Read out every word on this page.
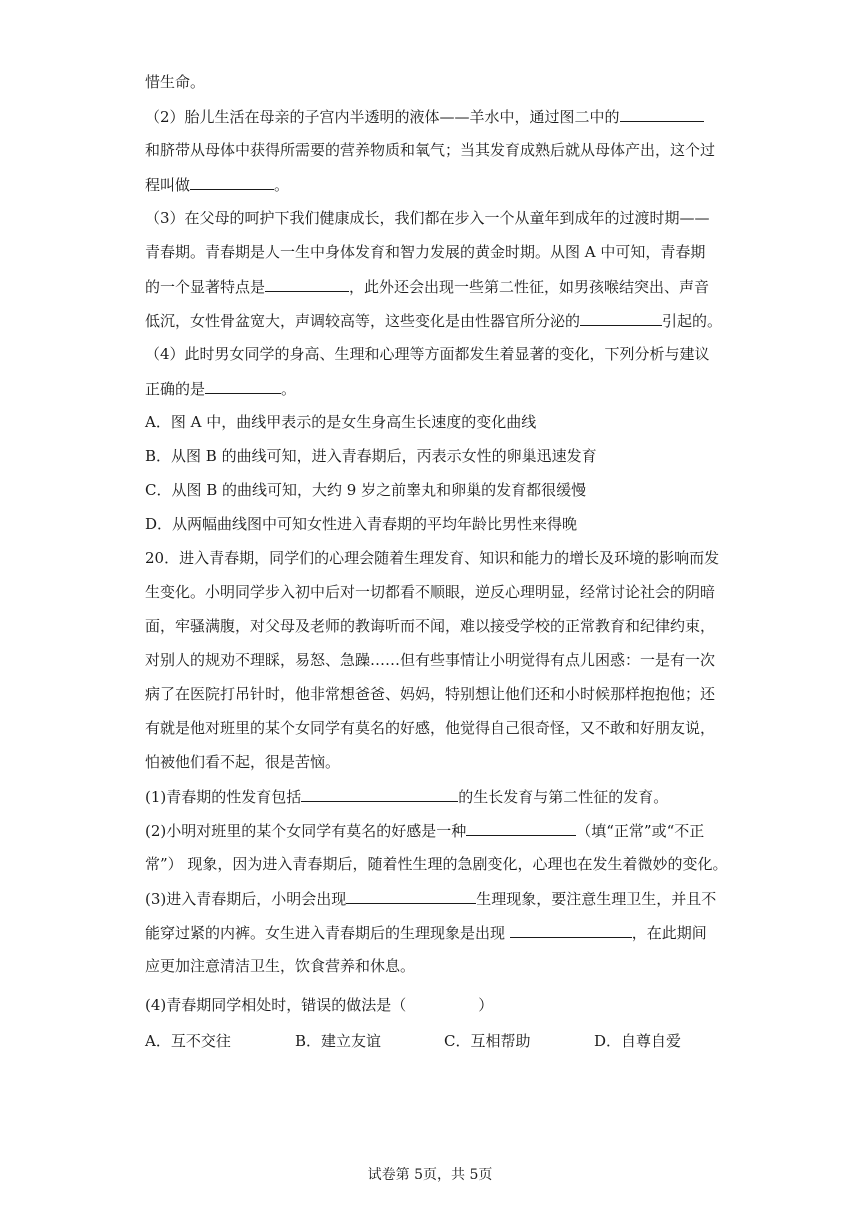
惜生命。
（2）胎儿生活在母亲的子宫内半透明的液体——羊水中，通过图二中的
和脐带从母体中获得所需要的营养物质和氧气；当其发育成熟后就从母体产出，这个过
程叫做	。
（3）在父母的呵护下我们健康成长，我们都在步入一个从童年到成年的过渡时期——
青春期。青春期是人一生中身体发育和智力发展的黄金时期。从图 A 中可知，青春期
的一个显著特点是	，此外还会出现一些第二性征，如男孩喉结突出、声音
低沉，女性骨盆宽大，声调较高等，这些变化是由性器官所分泌的	引起的。
（4）此时男女同学的身高、生理和心理等方面都发生着显著的变化，下列分析与建议
正确的是	。
A．图 A 中，曲线甲表示的是女生身高生长速度的变化曲线
B．从图 B 的曲线可知，进入青春期后，丙表示女性的卵巢迅速发育
C．从图 B 的曲线可知，大约 9 岁之前睾丸和卵巢的发育都很缓慢
D．从两幅曲线图中可知女性进入青春期的平均年龄比男性来得晚
20．进入青春期，同学们的心理会随着生理发育、知识和能力的增长及环境的影响而发
生变化。小明同学步入初中后对一切都看不顺眼，逆反心理明显，经常讨论社会的阴暗
面，牢骚满腹，对父母及老师的教诲听而不闻，难以接受学校的正常教育和纪律约束，
对别人的规劝不理睬，易怒、急躁……但有些事情让小明觉得有点儿困惑：一是有一次
病了在医院打吊针时，他非常想爸爸、妈妈，特别想让他们还和小时候那样抱抱他；还
有就是他对班里的某个女同学有莫名的好感，他觉得自己很奇怪，又不敢和好朋友说，
怕被他们看不起，很是苦恼。
(1)青春期的性发育包括	的生长发育与第二性征的发育。
(2)小明对班里的某个女同学有莫名的好感是一种	（填“正常”或“不正
常”） 现象，因为进入青春期后，随着性生理的急剧变化，心理也在发生着微妙的变化。
(3)进入青春期后，小明会出现	生理现象，要注意生理卫生，并且不
能穿过紧的内裤。女生进入青春期后的生理现象是出现	，在此期间
应更加注意清洁卫生，饮食营养和休息。
(4)青春期同学相处时，错误的做法是（	）
A．互不交往	B．建立友谊	C．互相帮助	D．自尊自爱
试卷第 5页，共 5页
